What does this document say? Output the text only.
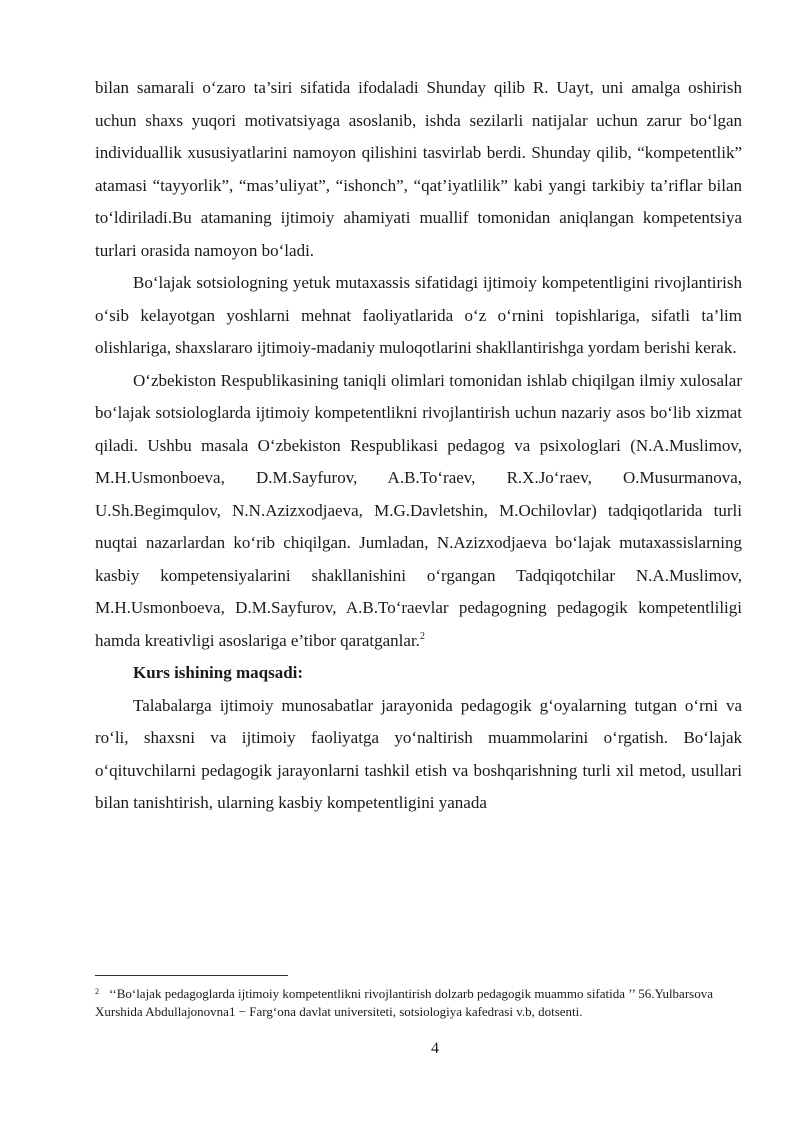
bilan samarali o‘zaro ta’siri sifatida ifodaladi Shunday qilib R. Uayt, uni amalga oshirish uchun shaxs yuqori motivatsiyaga asoslanib, ishda sezilarli natijalar uchun zarur bo‘lgan individuallik xususiyatlarini namoyon qilishini tasvirlab berdi. Shunday qilib, “kompetentlik” atamasi “tayyorlik”, “mas’uliyat”, “ishonch”, “qat’iyatlilik” kabi yangi tarkibiy ta’riflar bilan to‘ldiriladi.Bu atamaning ijtimoiy ahamiyati muallif tomonidan aniqlangan kompetentsiya turlari orasida namoyon bo‘ladi.

Bo‘lajak sotsiologning yetuk mutaxassis sifatidagi ijtimoiy kompetentligini rivojlantirish o‘sib kelayotgan yoshlarni mehnat faoliyatlarida o‘z o‘rnini topishlariga, sifatli ta’lim olishlariga, shaxslararo ijtimoiy-madaniy muloqotlarini shakllantirishga yordam berishi kerak.

O‘zbekiston Respublikasining taniqli olimlari tomonidan ishlab chiqilgan ilmiy xulosalar bo‘lajak sotsiologlarda ijtimoiy kompetentlikni rivojlantirish uchun nazariy asos bo‘lib xizmat qiladi. Ushbu masala O‘zbekiston Respublikasi pedagog va psixologlari (N.A.Muslimov, M.H.Usmonboeva, D.M.Sayfurov, A.B.To‘raev, R.X.Jo‘raev, O.Musurmanova, U.Sh.Begimqulov, N.N.Azizxodjaeva, M.G.Davletshin, M.Ochilovlar) tadqiqotlarida turli nuqtai nazarlardan ko‘rib chiqilgan. Jumladan, N.Azizxodjaeva bo‘lajak mutaxassislarning kasbiy kompetensiyalarini shakllanishini o‘rgangan Tadqiqotchilar N.A.Muslimov, M.H.Usmonboeva, D.M.Sayfurov, A.B.To‘raevlar pedagogning pedagogik kompetentliligi hamda kreativligi asoslariga e’tibor qaratganlar.$^2$

Kurs ishining maqsadi:

Talabalarga ijtimoiy munosabatlar jarayonida pedagogik g‘oyalarning tutgan o‘rni va ro‘li, shaxsni va ijtimoiy faoliyatga yo‘naltirish muammolarini o‘rgatish. Bo‘lajak o‘qituvchilarni pedagogik jarayonlarni tashkil etish va boshqarishning turli xil metod, usullari bilan tanishtirish, ularning kasbiy kompetentligini yanada

$^2$ ‘‘Bo‘lajak pedagoglarda ijtimoiy kompetentlikni rivojlantirish dolzarb pedagogik muammo sifatida ’’ 56.Yulbarsova Xurshida Abdullajonovna1 − Farg‘ona davlat universiteti, sotsiologiya kafedrasi v.b, dotsenti.
4
